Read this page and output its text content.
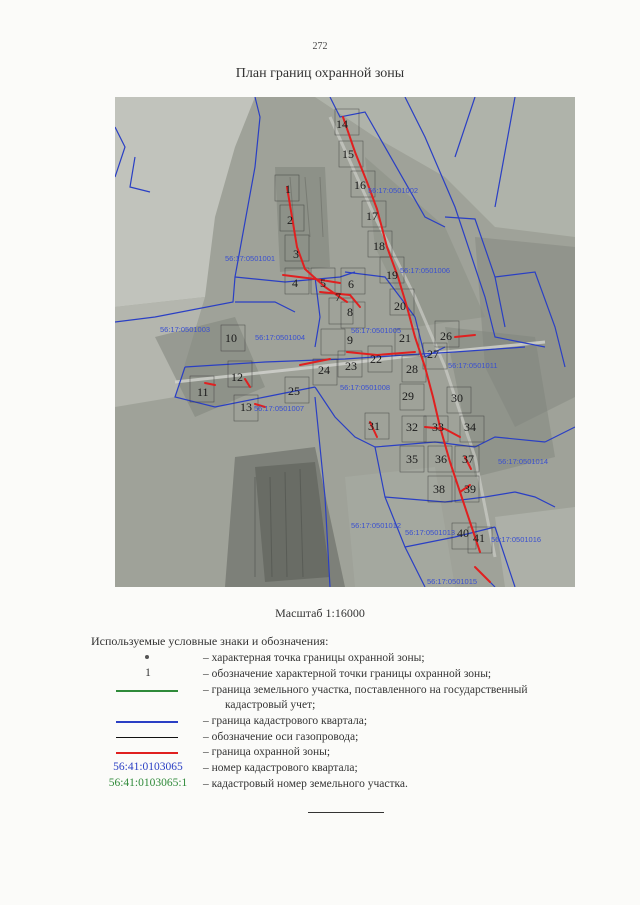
272
План границ охранной зоны
14
15
16
1
17
2
18
3
19
4 5 6
20
7
8
26
10	21
9
27
23 22
28
24
12
25
11	29	30
13
31 32 33 34
35 36 37
38 39
40 41
56:17:0501002
56:17:0501001
56:17:0501006
56:17:0501003
56:17:0501004
56:17:0501005
56:17:0501011
56:17:0501008
56:17:0501007
56:17:0501014
56:17:0501012
56:17:0501013
56:17:0501016
56:17:0501015
Масштаб 1:16000
Используемые условные знаки и обозначения:
– характерная точка границы охранной зоны;
1	– обозначение характерной точки границы охранной зоны;
– граница земельного участка, поставленного на государственный
кадастровый учет;
– граница кадастрового квартала;
– обозначение оси газопровода;
– граница охранной зоны;
56:41:0103065	– номер кадастрового квартала;
56:41:0103065:1	– кадастровый номер земельного участка.
